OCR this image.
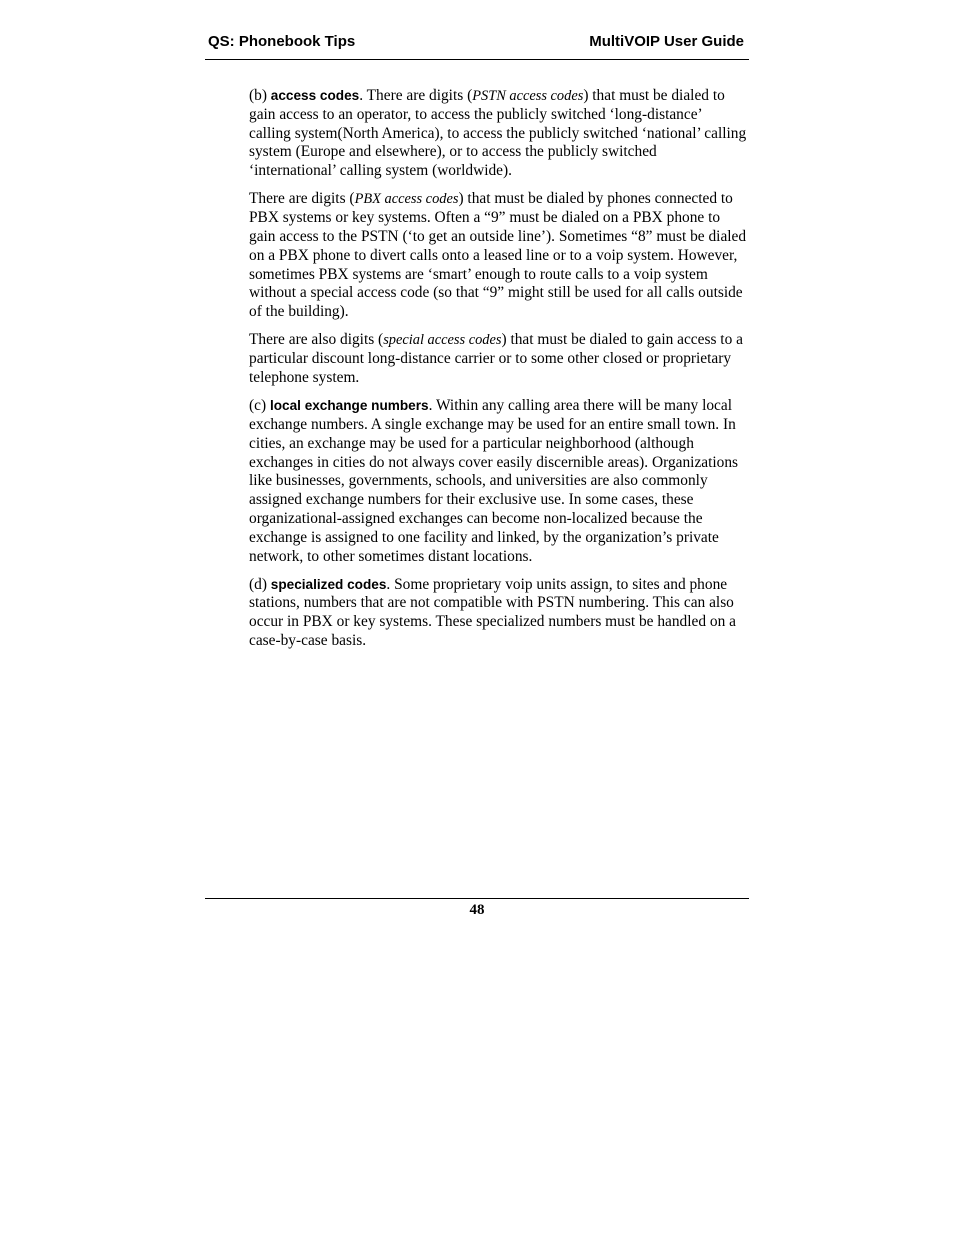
QS: Phonebook Tips	MultiVOIP User Guide

(b) access codes. There are digits (PSTN access codes) that must be dialed to gain access to an operator, to access the publicly switched ‘long-distance’ calling system(North America), to access the publicly switched ‘national’ calling system (Europe and elsewhere), or to access the publicly switched ‘international’ calling system (worldwide).

There are digits (PBX access codes) that must be dialed by phones connected to PBX systems or key systems. Often a “9” must be dialed on a PBX phone to gain access to the PSTN (‘to get an outside line’). Sometimes “8” must be dialed on a PBX phone to divert calls onto a leased line or to a voip system. However, sometimes PBX systems are ‘smart’ enough to route calls to a voip system without a special access code (so that “9” might still be used for all calls outside of the building).

There are also digits (special access codes) that must be dialed to gain access to a particular discount long-distance carrier or to some other closed or proprietary telephone system.

(c) local exchange numbers. Within any calling area there will be many local exchange numbers. A single exchange may be used for an entire small town. In cities, an exchange may be used for a particular neighborhood (although exchanges in cities do not always cover easily discernible areas). Organizations like businesses, governments, schools, and universities are also commonly assigned exchange numbers for their exclusive use. In some cases, these organizational-assigned exchanges can become non-localized because the exchange is assigned to one facility and linked, by the organization’s private network, to other sometimes distant locations.

(d) specialized codes. Some proprietary voip units assign, to sites and phone stations, numbers that are not compatible with PSTN numbering. This can also occur in PBX or key systems. These specialized numbers must be handled on a case-by-case basis.

48
